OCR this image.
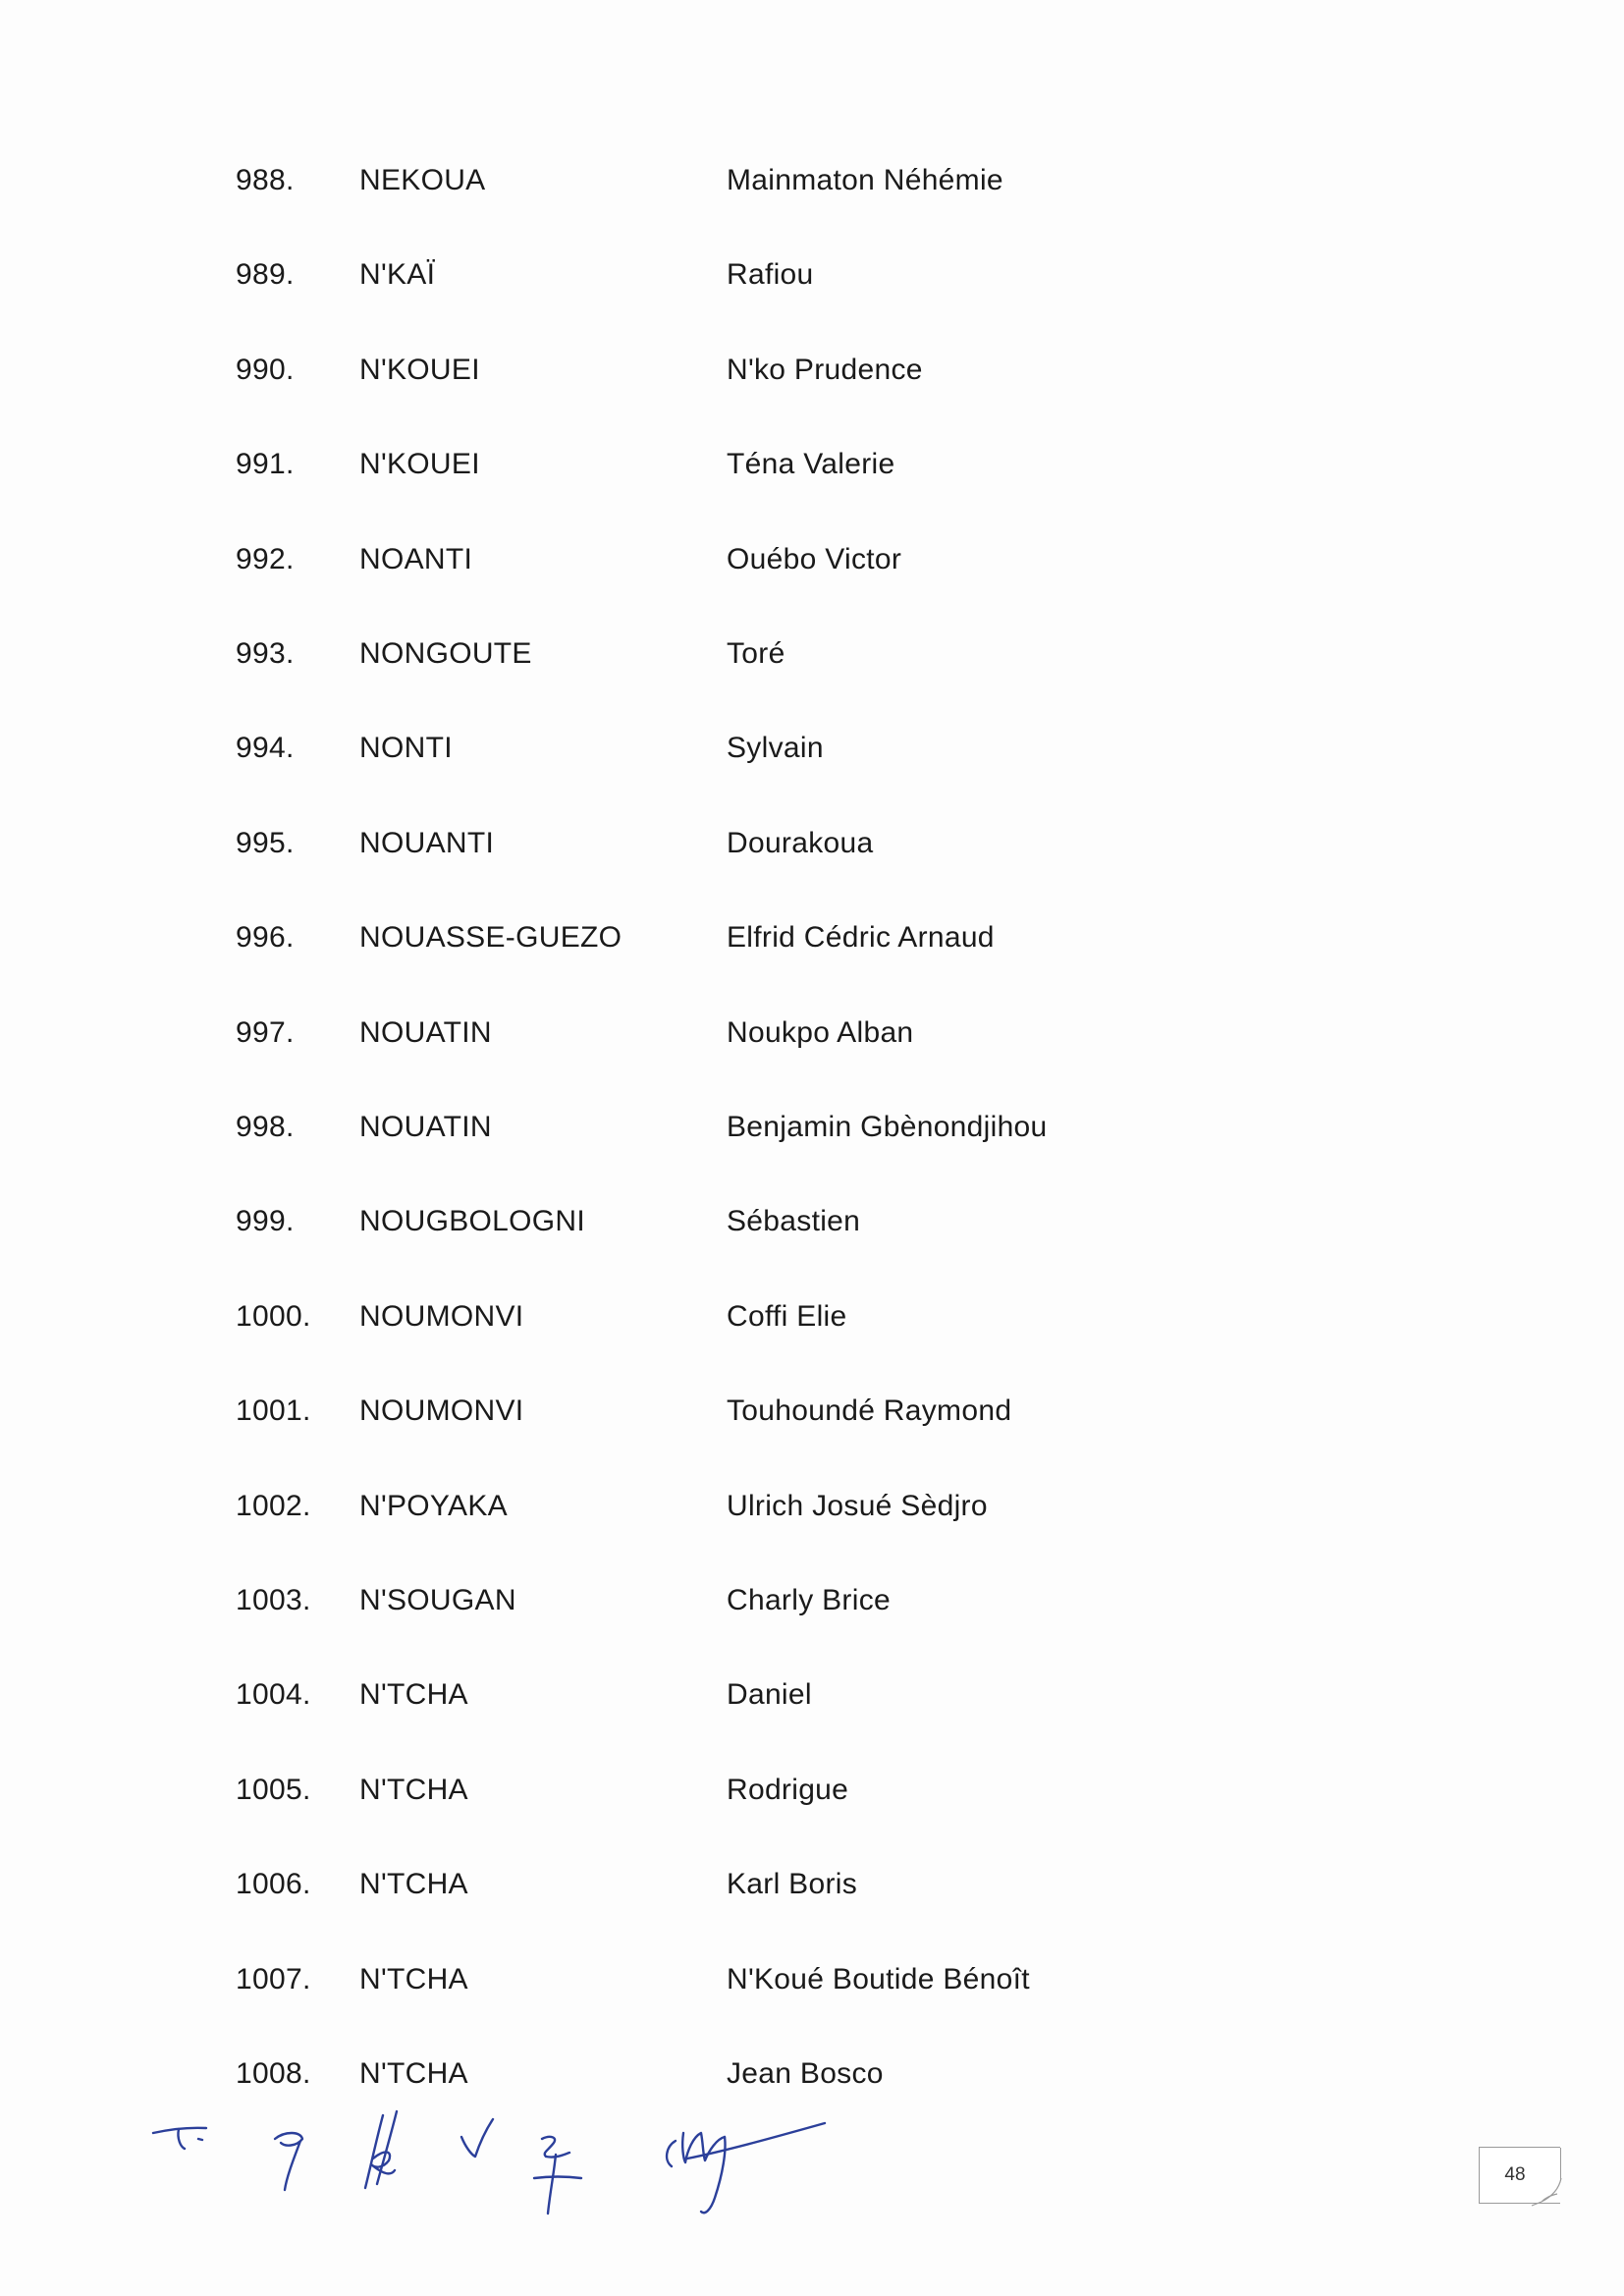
988. NEKOUA	Mainmaton Néhémie
989. N'KAÏ	Rafiou
990. N'KOUEI	N'ko Prudence
991. N'KOUEI	Téna Valerie
992. NOANTI	Ouébo Victor
993. NONGOUTE	Toré
994. NONTI	Sylvain
995. NOUANTI	Dourakoua
996. NOUASSE-GUEZO	Elfrid Cédric Arnaud
997. NOUATIN	Noukpo Alban
998. NOUATIN	Benjamin Gbènondjihou
999. NOUGBOLOGNI	Sébastien
1000. NOUMONVI	Coffi Elie
1001. NOUMONVI	Touhoundé Raymond
1002. N'POYAKA	Ulrich Josué Sèdjro
1003. N'SOUGAN	Charly Brice
1004. N'TCHA	Daniel
1005. N'TCHA	Rodrigue
1006. N'TCHA	Karl Boris
1007. N'TCHA	N'Koué Boutide Bénoît
1008. N'TCHA	Jean Bosco
48
